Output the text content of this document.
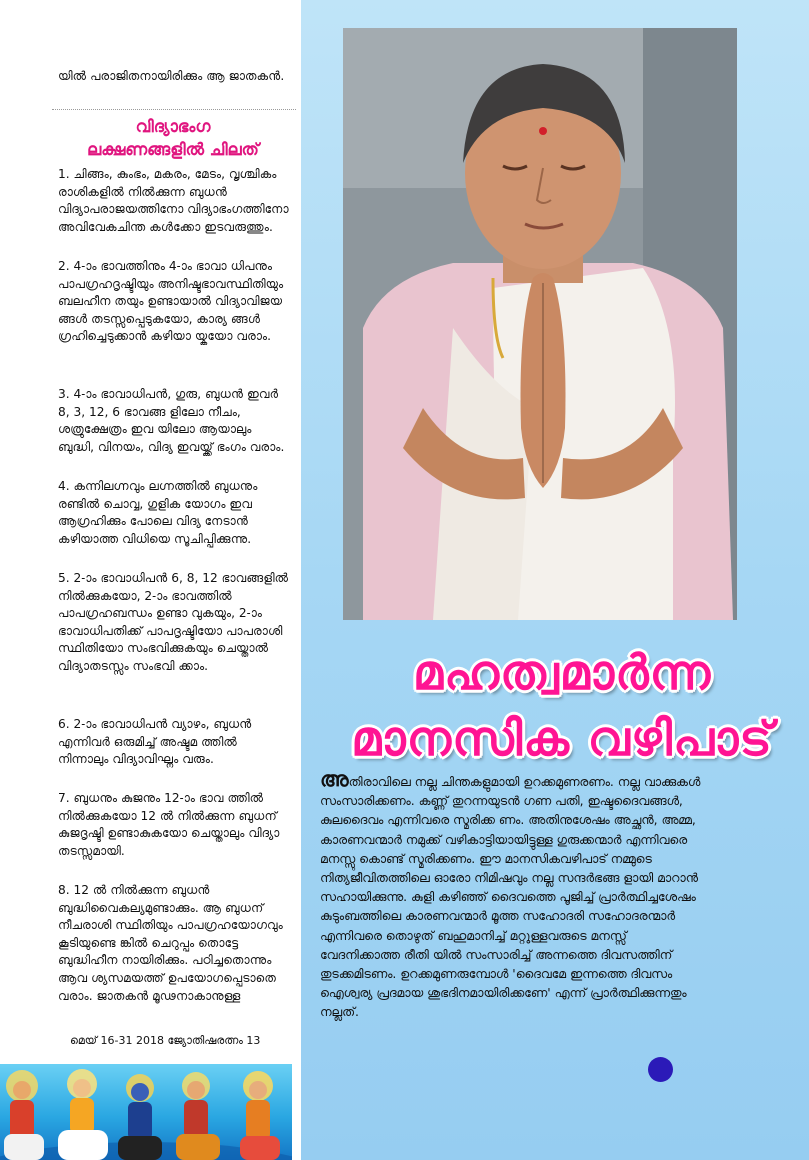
യിൽ പരാജിതനായിരിക്കും ആ ജാതകൻ.

വിദ്യാഭംഗ

ലക്ഷണങ്ങളിൽ ചിലത്

1. ചിങ്ങം, കുംഭം, മകരം, മേടം, വൃശ്ചികം രാശികളിൽ നിൽക്കുന്ന ബുധൻ വിദ്യാപരാജയത്തിനോ വിദ്യാഭംഗത്തിനോ അവിവേകചിന്ത കൾക്കോ ഇടവരുത്തും.

2. 4-ാം ഭാവത്തിനും 4-ാം ഭാവാ ധിപനും പാപഗ്രഹദൃഷ്ടിയും അനിഷ്ടഭാവസ്ഥിതിയും ബലഹീന തയും ഉണ്ടായാൽ വിദ്യാവിജയ ങ്ങൾ തടസ്സപ്പെടുകയോ, കാര്യ ങ്ങൾ ഗ്രഹിച്ചെടുക്കാൻ കഴിയാ യ്കയോ വരാം.

3. 4-ാം ഭാവാധിപൻ, ഗുരു, ബുധൻ ഇവർ 8, 3, 12, 6 ഭാവങ്ങ ളിലോ നീചം, ശത്രുക്ഷേത്രം ഇവ യിലോ ആയാലും ബുദ്ധി, വിനയം, വിദ്യ ഇവയ്ക്ക് ഭംഗം വരാം.

4. കന്നിലഗ്നവും ലഗ്നത്തിൽ ബുധനും രണ്ടിൽ ചൊവ്വ, ഗുളിക യോഗം ഇവ ആഗ്രഹിക്കും പോലെ വിദ്യ നേടാൻ കഴിയാത്ത വിധിയെ സൂചിപ്പിക്കുന്നു.

5. 2-ാം ഭാവാധിപൻ 6, 8, 12 ഭാവങ്ങളിൽ നിൽക്കുകയോ, 2-ാം ഭാവത്തിൽ പാപഗ്രഹബന്ധം ഉണ്ടാ വുകയും, 2-ാം ഭാവാധിപതിക്ക് പാപദൃഷ്ടിയോ പാപരാശി സ്ഥിതിയോ സംഭവിക്കുകയും ചെയ്താൽ വിദ്യാതടസ്സം സംഭവി ക്കാം.

6. 2-ാം ഭാവാധിപൻ വ്യാഴം, ബുധൻ എന്നിവർ ഒരുമിച്ച് അഷ്ടമ ത്തിൽ നിന്നാലും വിദ്യാവിഘ്നം വരും.

7. ബുധനും കുജനും 12-ാം ഭാവ ത്തിൽ നിൽക്കുകയോ 12 ൽ നിൽക്കുന്ന ബുധന് കുജദൃഷ്ടി ഉണ്ടാകുകയോ ചെയ്താലും വിദ്യാ തടസ്സമായി.

8. 12 ൽ നിൽക്കുന്ന ബുധൻ ബുദ്ധിവൈകല്യമുണ്ടാക്കും. ആ ബുധന് നീചരാശി സ്ഥിതിയും പാപഗ്രഹയോഗവും കൂടിയുണ്ടെ ങ്കിൽ ചെറുപ്പം തൊട്ടേ ബുദ്ധിഹീന നായിരിക്കും. പഠിച്ചതൊന്നും ആവ ശ്യസമയത്ത് ഉപയോഗപ്പെടാതെ വരാം. ജാതകൻ മൂഢനാകാനുള്ള

മെയ് 16-31 2018 ജ്യോതിഷരത്നം 13
മഹത്വമാർന്ന
മാനസിക വഴിപാട്

അതിരാവിലെ നല്ല ചിന്തകളുമായി ഉറക്കമുണരണം. നല്ല വാക്കുകൾ സംസാരിക്കണം. കണ്ണ് തുറന്നയുടൻ ഗണ പതി, ഇഷ്ടദൈവങ്ങൾ, കുലദൈവം എന്നിവരെ സ്മരിക്ക ണം. അതിനുശേഷം അച്ഛൻ, അമ്മ, കാരണവന്മാർ നമുക്ക് വഴികാട്ടിയായിട്ടുള്ള ഗുരുക്കന്മാർ എന്നിവരെ മനസ്സു കൊണ്ട് സ്മരിക്കണം. ഈ മാനസികവഴിപാട് നമ്മുടെ നിത്യജീവിതത്തിലെ ഓരോ നിമിഷവും നല്ല സന്ദർഭങ്ങ ളായി മാറാൻ സഹായിക്കുന്നു. കുളി കഴിഞ്ഞ് ദൈവത്തെ പൂജിച്ച് പ്രാർത്ഥിച്ചശേഷം കുടുംബത്തിലെ കാരണവന്മാർ മൂത്ത സഹോദരി സഹോദരന്മാർ എന്നിവരെ തൊഴുത് ബഹുമാനിച്ച് മറ്റുള്ളവരുടെ മനസ്സ് വേദനിക്കാത്ത രീതി യിൽ സംസാരിച്ച് അന്നത്തെ ദിവസത്തിന് തുടക്കമിടണം. ഉറക്കമുണരുമ്പോൾ 'ദൈവമേ ഇന്നത്തെ ദിവസം ഐശ്വര്യ പ്രദമായ ശുഭദിനമായിരിക്കണേ' എന്ന് പ്രാർത്ഥിക്കുന്നതും നല്ലത്.
